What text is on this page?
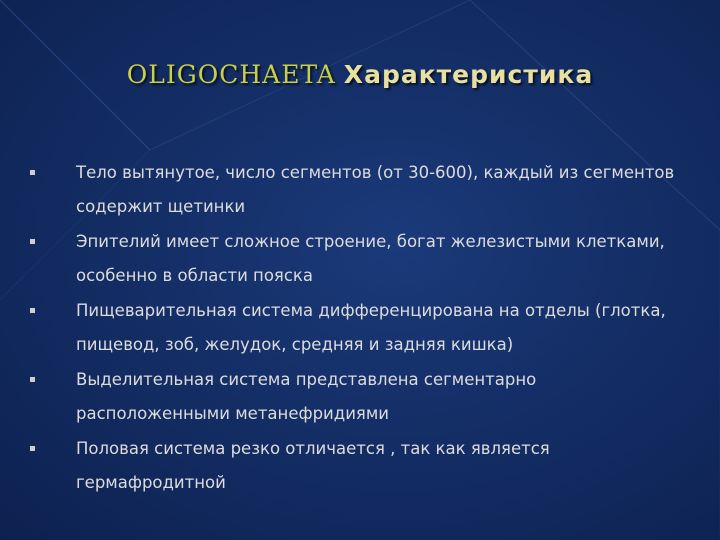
OLIGOCHAETA Характеристика
Тело вытянутое, число сегментов (от 30-600), каждый из сегментов содержит щетинки
Эпителий имеет сложное строение, богат железистыми клетками, особенно в области пояска
Пищеварительная система дифференцирована на отделы (глотка, пищевод, зоб, желудок, средняя и задняя кишка)
Выделительная система представлена сегментарно расположенными метанефридиями
Половая система резко отличается , так как является гермафродитной
